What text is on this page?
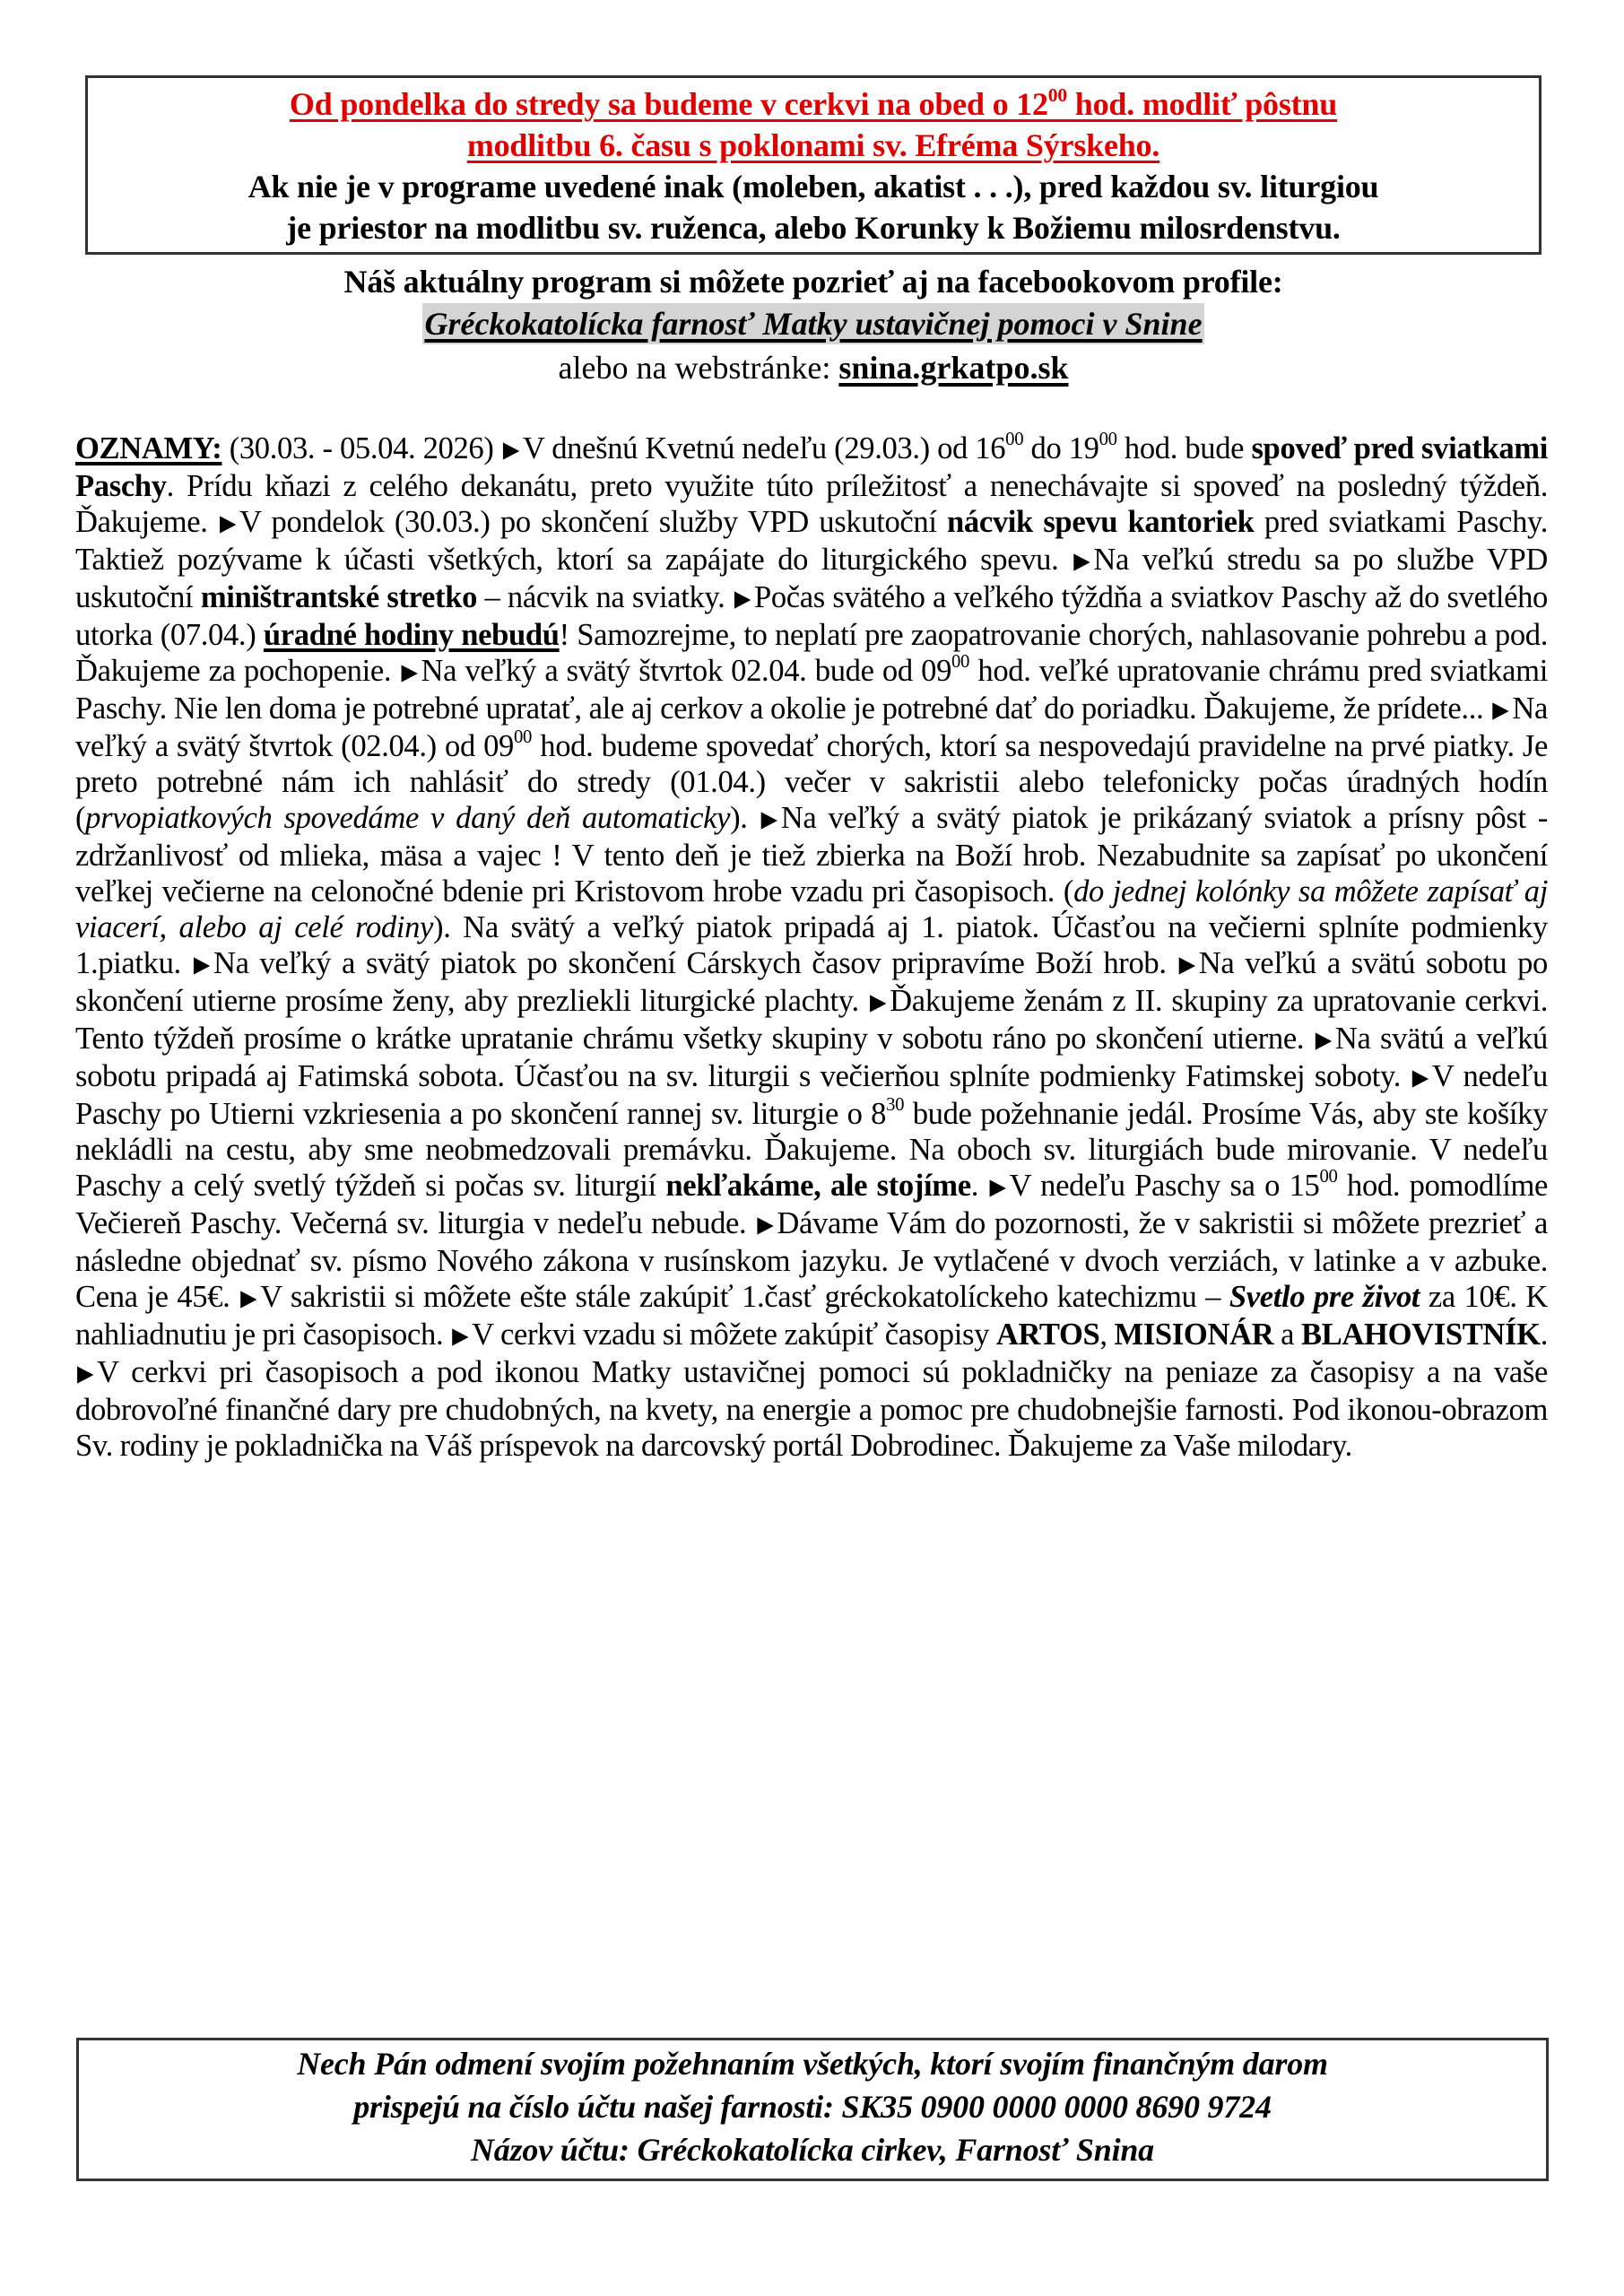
Od pondelka do stredy sa budeme v cerkvi na obed o $12^{00}$ hod. modliť pôstnu
modlitbu 6. času s poklonami sv. Efréma Sýrskeho.
Ak nie je v programe uvedené inak (moleben, akatist . . .), pred každou sv. liturgiou
je priestor na modlitbu sv. ruženca, alebo Korunky k Božiemu milosrdenstvu.
Náš aktuálny program si môžete pozrieť aj na facebookovom profile:
Gréckokatolícka farnosť Matky ustavičnej pomoci v Snine
alebo na webstránke: snina.grkatpo.sk
OZNAMY: (30.03. - 05.04. 2026) ▶ V dnešnú Kvetnú nedeľu (29.03.) od $16^{00}$ do $19^{00}$ hod. bude spoveď pred sviatkami Paschy. Prídu kňazi z celého dekanátu, preto využite túto príležitosť a nenechávajte si spoveď na posledný týždeň. Ďakujeme. ▶ V pondelok (30.03.) po skončení služby VPD uskutoční nácvik spevu kantoriek pred sviatkami Paschy. Taktiež pozývame k účasti všetkých, ktorí sa zapájate do liturgického spevu. ▶ Na veľkú stredu sa po službe VPD uskutoční miništrantské stretko – nácvik na sviatky. ▶ Počas svätého a veľkého týždňa a sviatkov Paschy až do svetlého utorka (07.04.) úradné hodiny nebudú! Samozrejme, to neplatí pre zaopatrovanie chorých, nahlasovanie pohrebu a pod. Ďakujeme za pochopenie. ▶ Na veľký a svätý štvrtok 02.04. bude od $09^{00}$ hod. veľké upratovanie chrámu pred sviatkami Paschy. Nie len doma je potrebné upratať, ale aj cerkov a okolie je potrebné dať do poriadku. Ďakujeme, že prídete... ▶ Na veľký a svätý štvrtok (02.04.) od $09^{00}$ hod. budeme spovedať chorých, ktorí sa nespovedajú pravidelne na prvé piatky. Je preto potrebné nám ich nahlásiť do stredy (01.04.) večer v sakristii alebo telefonicky počas úradných hodín (prvopiatkových spovedáme v daný deň automaticky). ▶ Na veľký a svätý piatok je prikázaný sviatok a prísny pôst - zdržanlivosť od mlieka, mäsa a vajec ! V tento deň je tiež zbierka na Boží hrob. Nezabudnite sa zapísať po ukončení veľkej večierne na celonočné bdenie pri Kristovom hrobe vzadu pri časopisoch. (do jednej kolónky sa môžete zapísať aj viacerí, alebo aj celé rodiny). Na svätý a veľký piatok pripadá aj 1. piatok. Účasťou na večierni splníte podmienky 1.piatku. ▶ Na veľký a svätý piatok po skončení Cárskych časov pripravíme Boží hrob. ▶ Na veľkú a svätú sobotu po skončení utierne prosíme ženy, aby prezliekli liturgické plachty. ▶ Ďakujeme ženám z II. skupiny za upratovanie cerkvi. Tento týždeň prosíme o krátke upratanie chrámu všetky skupiny v sobotu ráno po skončení utierne. ▶ Na svätú a veľkú sobotu pripadá aj Fatimská sobota. Účasťou na sv. liturgii s večierňou splníte podmienky Fatimskej soboty. ▶ V nedeľu Paschy po Utierni vzkriesenia a po skončení rannej sv. liturgie o $8^{30}$ bude požehnanie jedál. Prosíme Vás, aby ste košíky nekládli na cestu, aby sme neobmedzovali premávku. Ďakujeme. Na oboch sv. liturgiách bude mirovanie. V nedeľu Paschy a celý svetlý týždeň si počas sv. liturgií nekľakáme, ale stojíme. ▶ V nedeľu Paschy sa o $15^{00}$ hod. pomodlíme Večiereň Paschy. Večerná sv. liturgia v nedeľu nebude. ▶ Dávame Vám do pozornosti, že v sakristii si môžete prezrieť a následne objednať sv. písmo Nového zákona v rusínskom jazyku. Je vytlačené v dvoch verziách, v latinke a v azbuke. Cena je 45€. ▶ V sakristii si môžete ešte stále zakúpiť 1.časť gréckokatolíckeho katechizmu – Svetlo pre život za 10€. K nahliadnutiu je pri časopisoch. ▶ V cerkvi vzadu si môžete zakúpiť časopisy ARTOS, MISIONÁR a BLAHOVISTNÍK. ▶ V cerkvi pri časopisoch a pod ikonou Matky ustavičnej pomoci sú pokladničky na peniaze za časopisy a na vaše dobrovoľné finančné dary pre chudobných, na kvety, na energie a pomoc pre chudobnejšie farnosti. Pod ikonou-obrazom Sv. rodiny je pokladnička na Váš príspevok na darcovský portál Dobrodinec. Ďakujeme za Vaše milodary.
Nech Pán odmení svojím požehnaním všetkých, ktorí svojím finančným darom
prispejú na číslo účtu našej farnosti: SK35 0900 0000 0000 8690 9724
Názov účtu: Gréckokatolícka cirkev, Farnosť Snina
